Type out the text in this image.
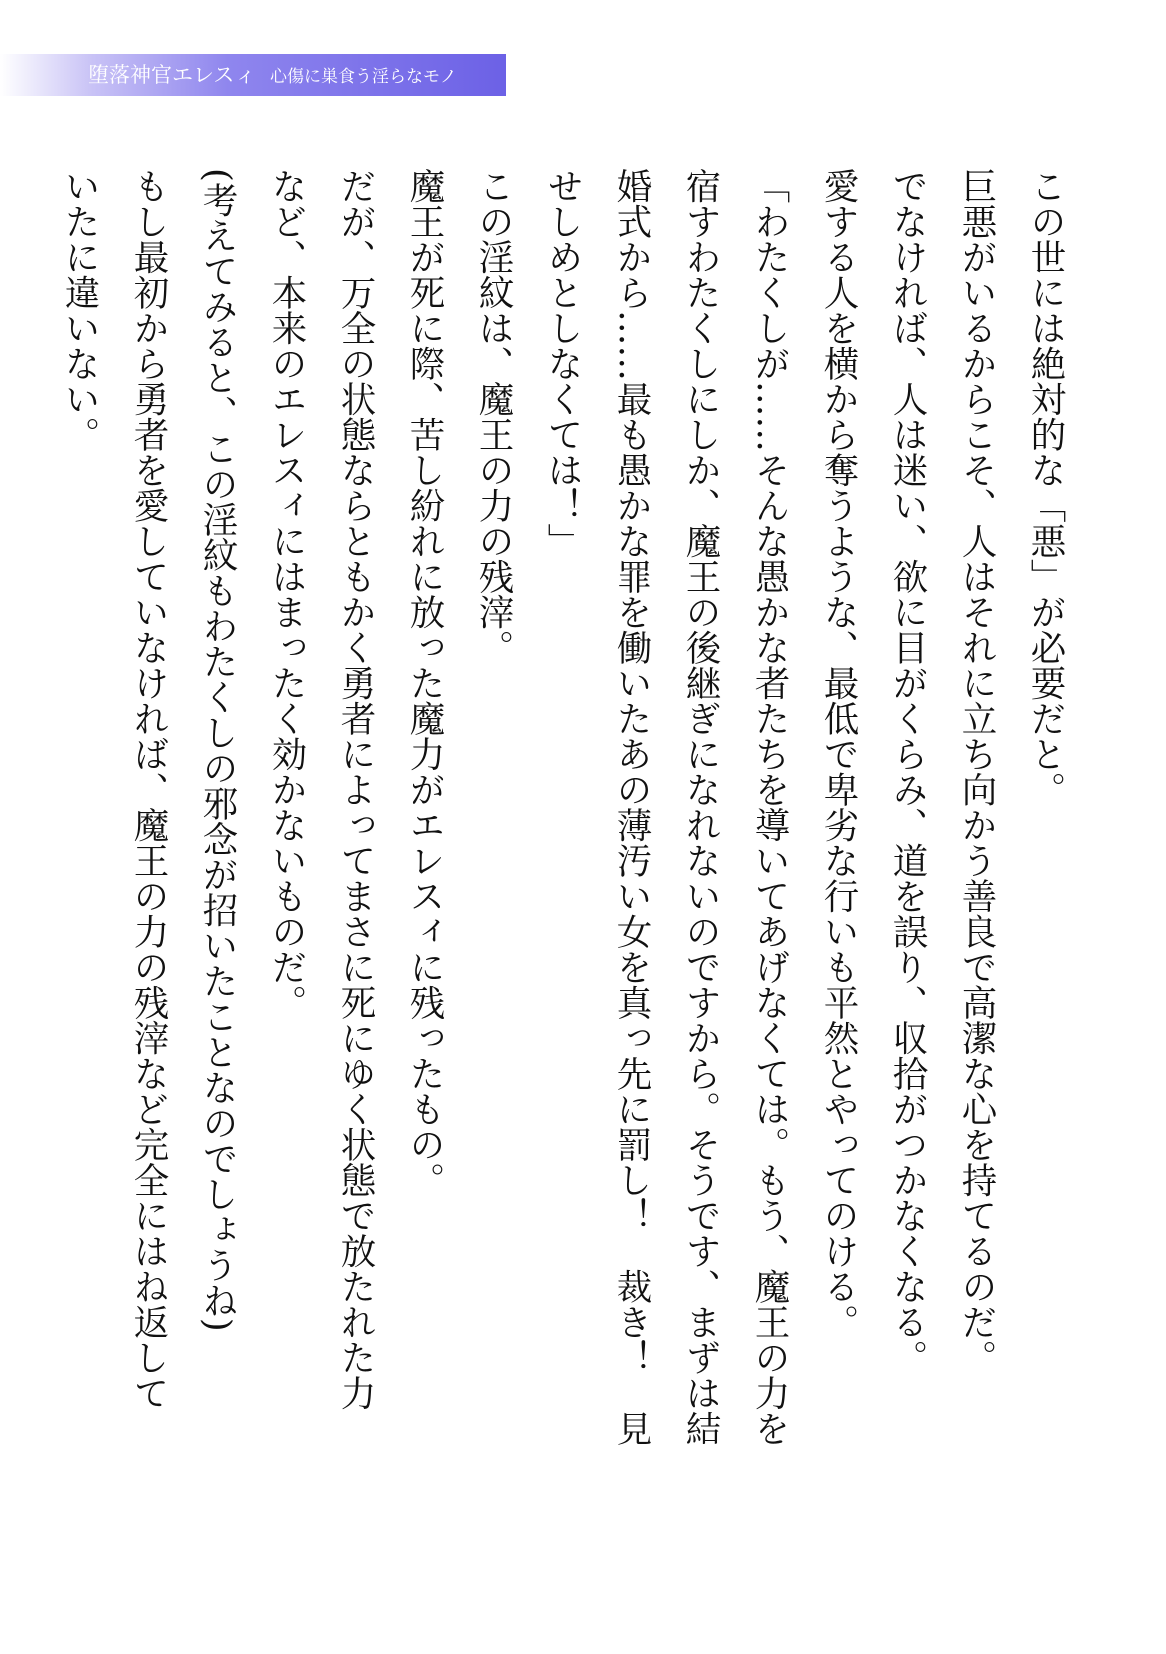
堕落神官エレスィ 心傷に巣食う淫らなモノ
この世には絶対的な「悪」が必要だと。
巨悪がいるからこそ、人はそれに立ち向かう善良で高潔な心を持てるのだ。
でなければ、人は迷い、欲に目がくらみ、道を誤り、収拾がつかなくなる。
愛する人を横から奪うような、最低で卑劣な行いも平然とやってのける。
「わたくしが……そんな愚かな者たちを導いてあげなくては。もう、魔王の力を
宿すわたくしにしか、魔王の後継ぎになれないのですから。そうです、まずは結
婚式から……最も愚かな罪を働いたあの薄汚い女を真っ先に罰し！　裁き！　見
せしめとしなくては！」
この淫紋は、魔王の力の残滓。
魔王が死に際、苦し紛れに放った魔力がエレスィに残ったもの。
だが、万全の状態ならともかく勇者によってまさに死にゆく状態で放たれた力
など、本来のエレスィにはまったく効かないものだ。
(考えてみると、この淫紋もわたくしの邪念が招いたことなのでしょうね)
もし最初から勇者を愛していなければ、魔王の力の残滓など完全にはね返して
いたに違いない。
